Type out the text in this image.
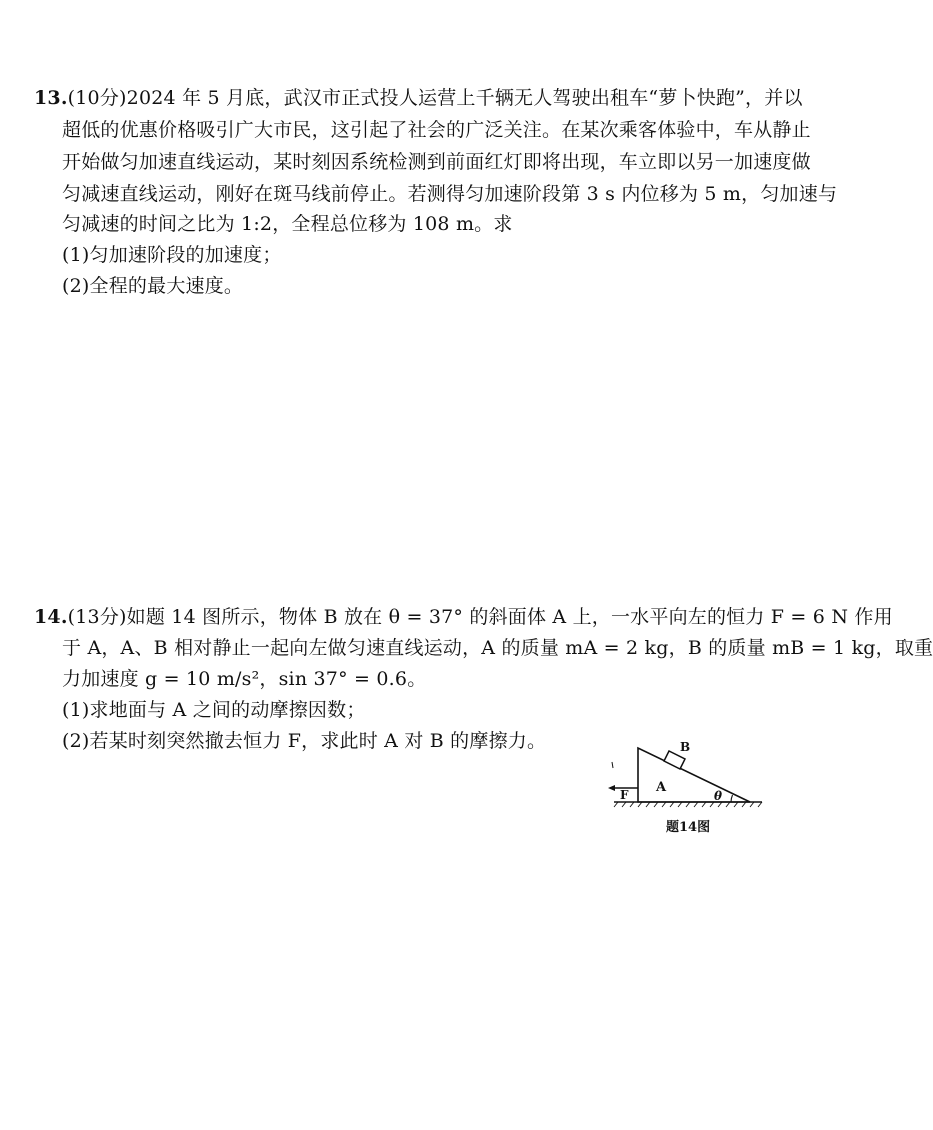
13.(10分)2024 年 5 月底，武汉市正式投人运营上千辆无人驾驶出租车“萝卜快跑”，并以
超低的优惠价格吸引广大市民，这引起了社会的广泛关注。在某次乘客体验中，车从静止
开始做匀加速直线运动，某时刻因系统检测到前面红灯即将出现，车立即以另一加速度做
匀减速直线运动，刚好在斑马线前停止。若测得匀加速阶段第 3 s 内位移为 5 m，匀加速与
匀减速的时间之比为 1:2，全程总位移为 108 m。求
(1)匀加速阶段的加速度；
(2)全程的最大速度。
14.(13分)如题 14 图所示，物体 B 放在 θ = 37° 的斜面体 A 上，一水平向左的恒力 F = 6 N 作用
于 A，A、B 相对静止一起向左做匀速直线运动，A 的质量 mA = 2 kg，B 的质量 mB = 1 kg，取重
力加速度 g = 10 m/s²，sin 37° = 0.6。
(1)求地面与 A 之间的动摩擦因数；
(2)若某时刻突然撤去恒力 F，求此时 A 对 B 的摩擦力。	B
A
F	θ
题14图
